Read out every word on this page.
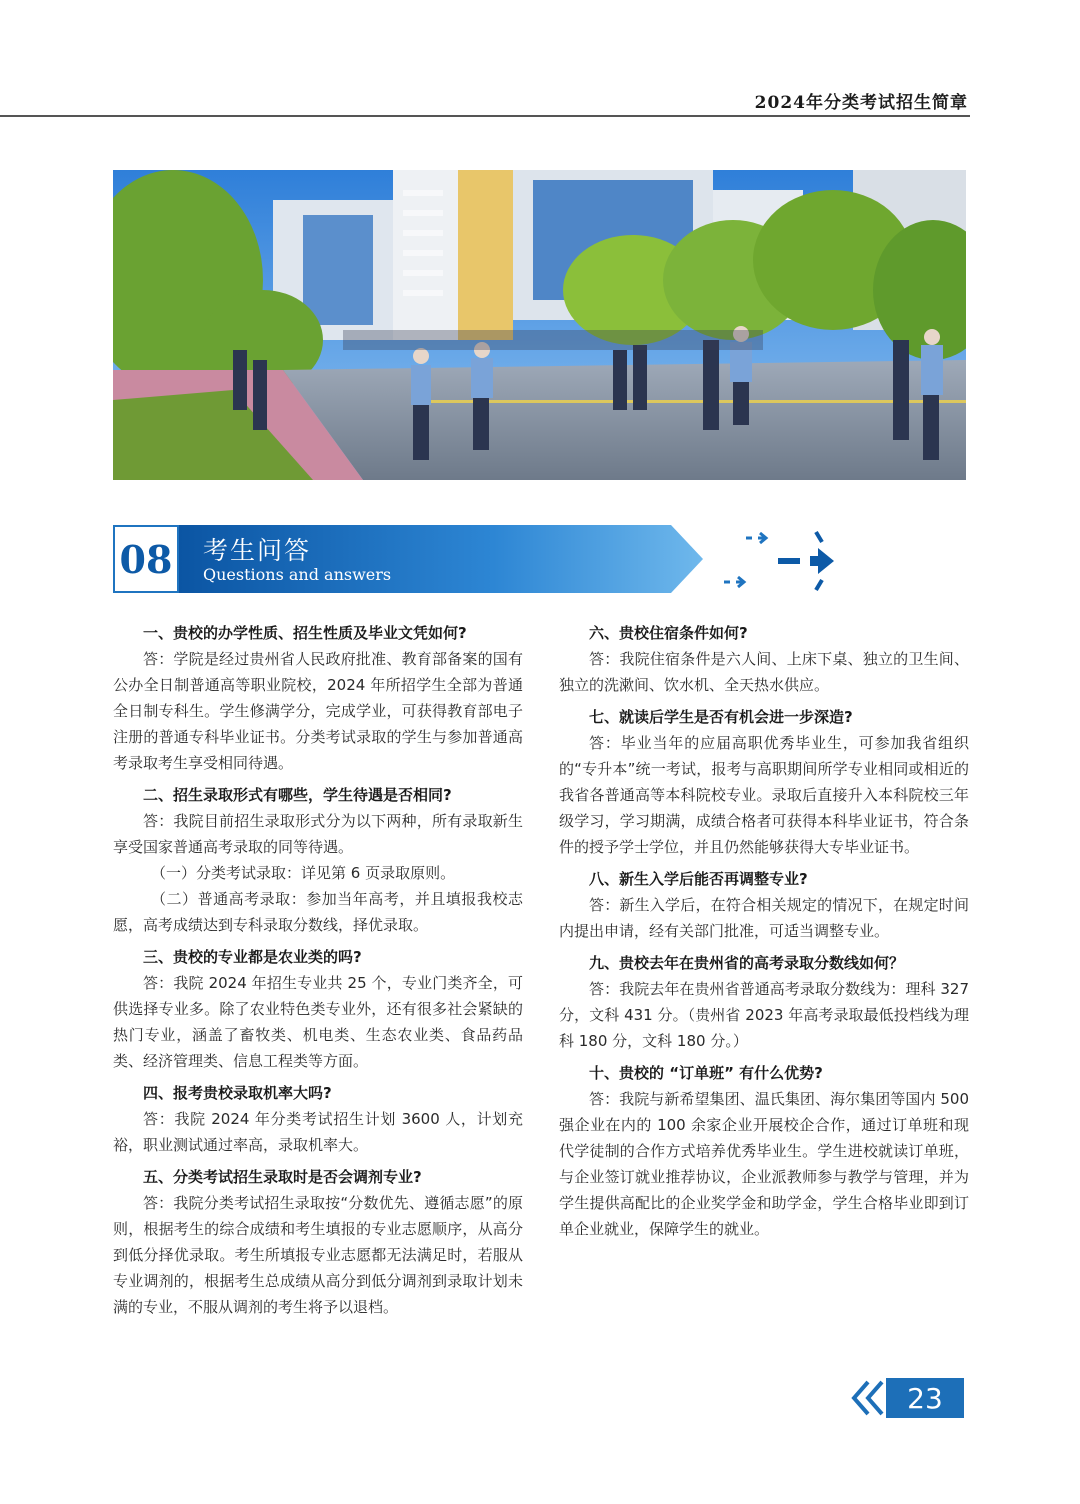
2024年分类考试招生简章
08 考生问答
Questions and answers
一、贵校的办学性质、招生性质及毕业文凭如何?
答：学院是经过贵州省人民政府批准、教育部备案的国有公办全日制普通高等职业院校，2024 年所招学生全部为普通全日制专科生。学生修满学分，完成学业，可获得教育部电子注册的普通专科毕业证书。分类考试录取的学生与参加普通高考录取考生享受相同待遇。
二、招生录取形式有哪些，学生待遇是否相同?
答：我院目前招生录取形式分为以下两种，所有录取新生享受国家普通高考录取的同等待遇。
（一）分类考试录取：详见第 6 页录取原则。
（二）普通高考录取：参加当年高考，并且填报我校志愿，高考成绩达到专科录取分数线，择优录取。
三、贵校的专业都是农业类的吗?
答：我院 2024 年招生专业共 25 个，专业门类齐全，可供选择专业多。除了农业特色类专业外，还有很多社会紧缺的热门专业，涵盖了畜牧类、机电类、生态农业类、食品药品类、经济管理类、信息工程类等方面。
四、报考贵校录取机率大吗?
答：我院 2024 年分类考试招生计划 3600 人，计划充裕，职业测试通过率高，录取机率大。
五、分类考试招生录取时是否会调剂专业?
答：我院分类考试招生录取按“分数优先、遵循志愿”的原则，根据考生的综合成绩和考生填报的专业志愿顺序，从高分到低分择优录取。考生所填报专业志愿都无法满足时，若服从专业调剂的，根据考生总成绩从高分到低分调剂到录取计划未满的专业，不服从调剂的考生将予以退档。
六、贵校住宿条件如何?
答：我院住宿条件是六人间、上床下桌、独立的卫生间、独立的洗漱间、饮水机、全天热水供应。
七、就读后学生是否有机会进一步深造?
答：毕业当年的应届高职优秀毕业生，可参加我省组织的“专升本”统一考试，报考与高职期间所学专业相同或相近的我省各普通高等本科院校专业。录取后直接升入本科院校三年级学习，学习期满，成绩合格者可获得本科毕业证书，符合条件的授予学士学位，并且仍然能够获得大专毕业证书。
八、新生入学后能否再调整专业?
答：新生入学后，在符合相关规定的情况下，在规定时间内提出申请，经有关部门批准，可适当调整专业。
九、贵校去年在贵州省的高考录取分数线如何？
答：我院去年在贵州省普通高考录取分数线为：理科 327 分，文科 431 分。（贵州省 2023 年高考录取最低投档线为理科 180 分，文科 180 分。）
十、贵校的 “订单班” 有什么优势?
答：我院与新希望集团、温氏集团、海尔集团等国内 500 强企业在内的 100 余家企业开展校企合作，通过订单班和现代学徒制的合作方式培养优秀毕业生。学生进校就读订单班，与企业签订就业推荐协议，企业派教师参与教学与管理，并为学生提供高配比的企业奖学金和助学金，学生合格毕业即到订单企业就业，保障学生的就业。
23
